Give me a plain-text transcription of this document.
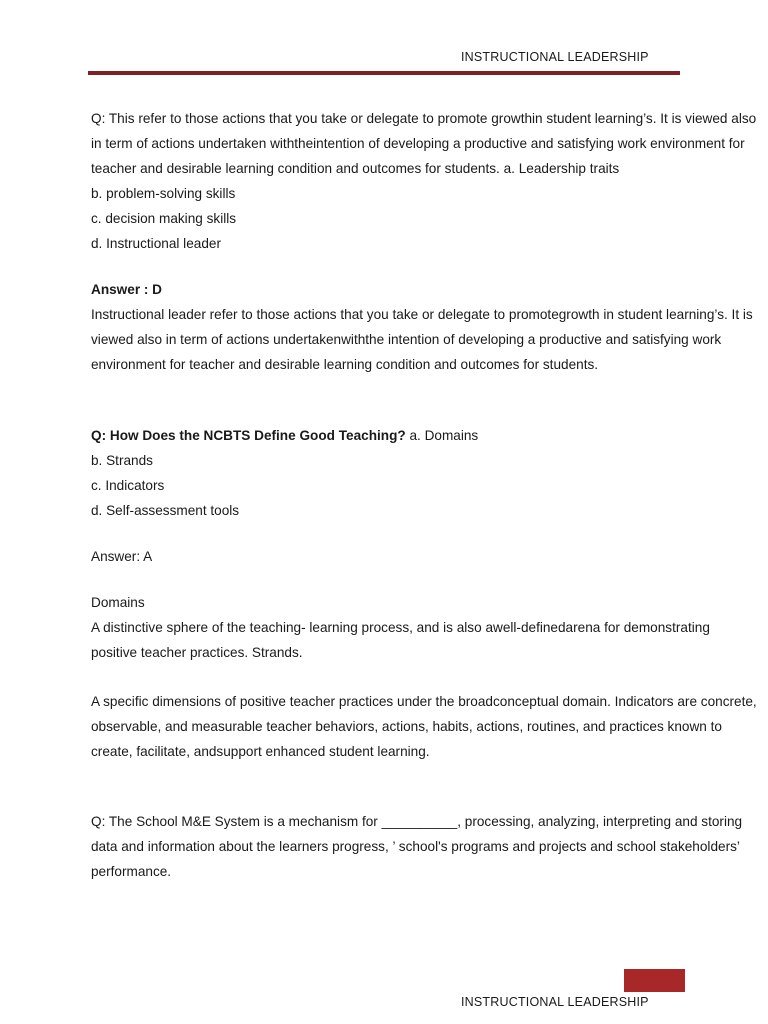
INSTRUCTIONAL LEADERSHIP

Q: This refer to those actions that you take or delegate to promote growthin student learning’s. It is viewed also in term of actions undertaken withtheintention of developing a productive and satisfying work environment for teacher and desirable learning condition and outcomes for students. a. Leadership traits

b. problem-solving skills

c. decision making skills

d. Instructional leader

Answer : D

Instructional leader refer to those actions that you take or delegate to promotegrowth in student learning’s. It is viewed also in term of actions undertakenwiththe intention of developing a productive and satisfying work environment for teacher and desirable learning condition and outcomes for students.

Q: How Does the NCBTS Define Good Teaching? a. Domains

b. Strands

c. Indicators

d. Self-assessment tools

Answer: A

Domains

A distinctive sphere of the teaching- learning process, and is also awell-definedarena for demonstrating positive teacher practices. Strands.

A specific dimensions of positive teacher practices under the broadconceptual domain. Indicators are concrete, observable, and measurable teacher behaviors, actions, habits, actions, routines, and practices known to create, facilitate, andsupport enhanced student learning.

Q: The School M&E System is a mechanism for __________, processing, analyzing, interpreting and storing data and information about the learners progress, ’ school's programs and projects and school stakeholders’ performance.

INSTRUCTIONAL LEADERSHIP
